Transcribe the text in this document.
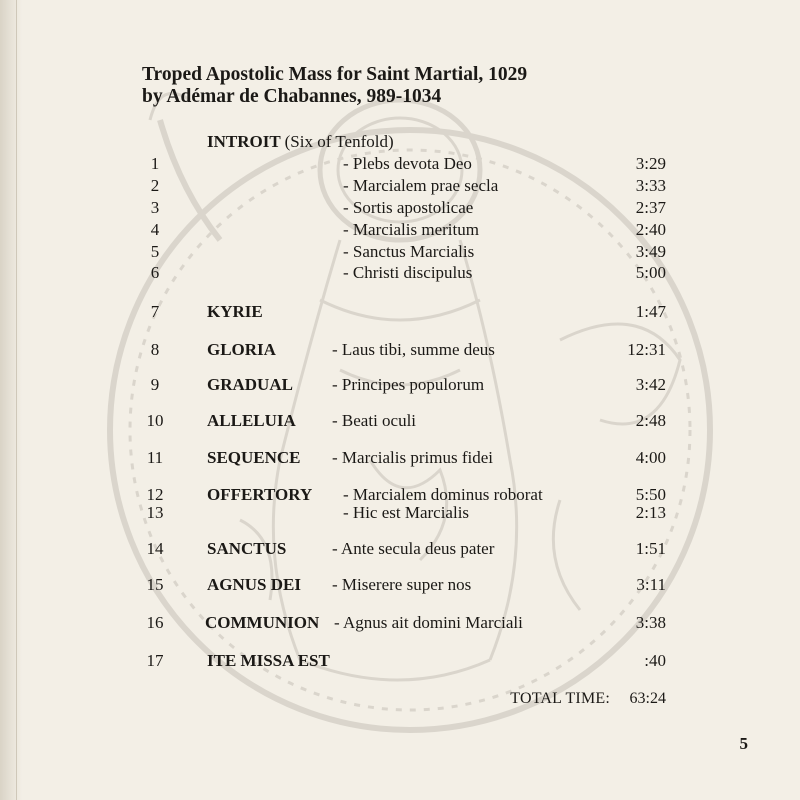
Troped Apostolic Mass for Saint Martial, 1029
by Adémar de Chabannes, 989-1034
INTROIT (Six of Tenfold)
1	- Plebs devota Deo	3:29
2	- Marcialem prae secla	3:33
3	- Sortis apostolicae	2:37
4	- Marcialis meritum	2:40
5	- Sanctus Marcialis	3:49
6	- Christi discipulus	5:00
7	KYRIE	1:47
8	GLORIA	- Laus tibi, summe deus	12:31
9	GRADUAL - Principes populorum	3:42
10	ALLELUIA - Beati oculi	2:48
11	SEQUENCE - Marcialis primus fidei	4:00
12	OFFERTORY - Marcialem dominus roborat	5:50
13	- Hic est Marcialis	2:13
14	SANCTUS	- Ante secula deus pater	1:51
15	AGNUS DEI - Miserere super nos	3:11
16	COMMUNION - Agnus ait domini Marciali	3:38
17	ITE MISSA EST	:40
TOTAL TIME: 63:24
5
